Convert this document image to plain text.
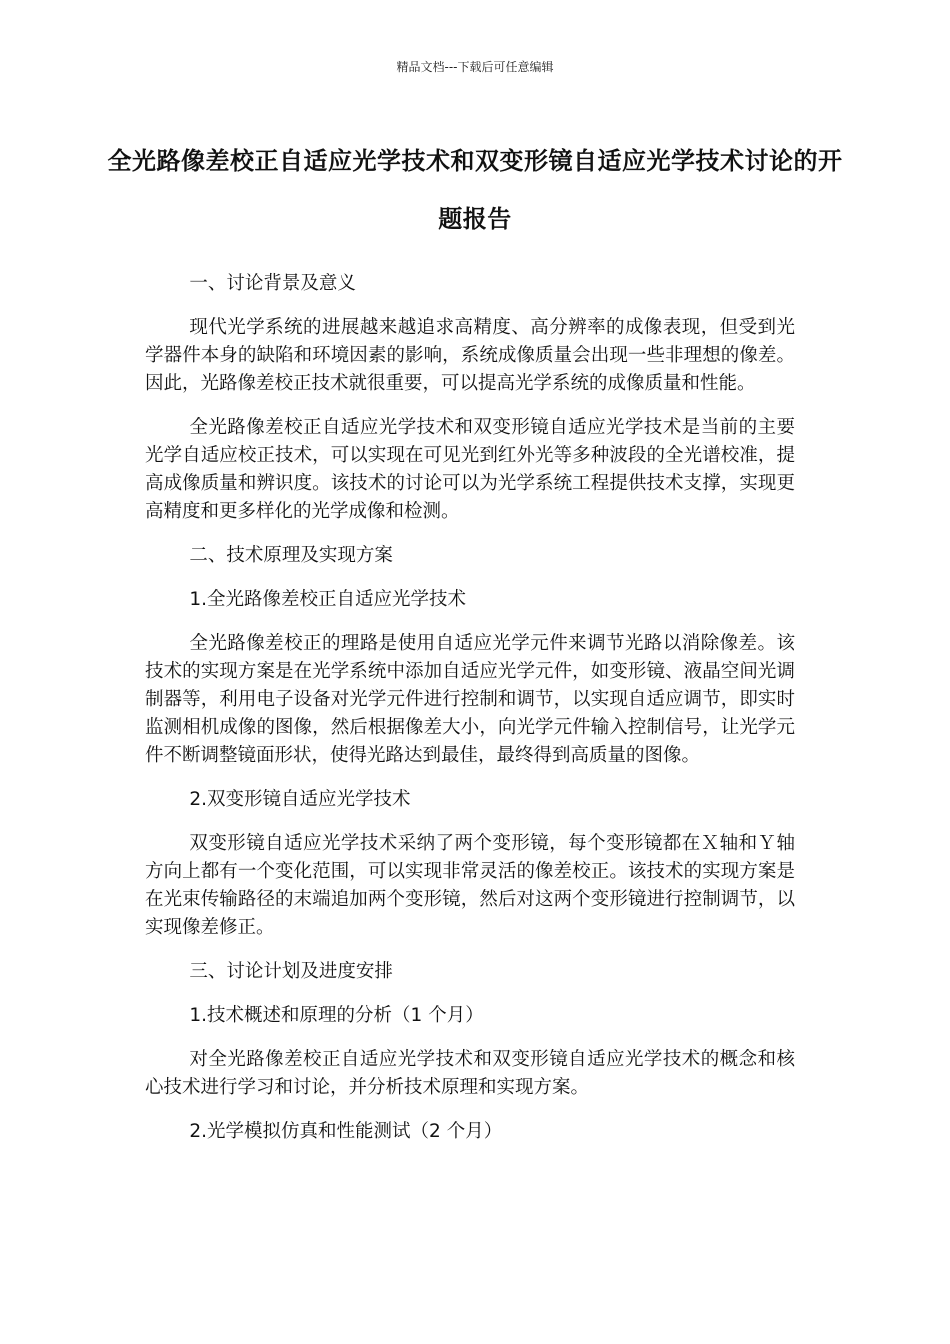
精品文档---下载后可任意编辑
全光路像差校正自适应光学技术和双变形镜自适应光学技术讨论的开题报告

一、讨论背景及意义

现代光学系统的进展越来越追求高精度、高分辨率的成像表现，但受到光学器件本身的缺陷和环境因素的影响，系统成像质量会出现一些非理想的像差。因此，光路像差校正技术就很重要，可以提高光学系统的成像质量和性能。

全光路像差校正自适应光学技术和双变形镜自适应光学技术是当前的主要光学自适应校正技术，可以实现在可见光到红外光等多种波段的全光谱校准，提高成像质量和辨识度。该技术的讨论可以为光学系统工程提供技术支撑，实现更高精度和更多样化的光学成像和检测。

二、技术原理及实现方案

1.全光路像差校正自适应光学技术

全光路像差校正的理路是使用自适应光学元件来调节光路以消除像差。该技术的实现方案是在光学系统中添加自适应光学元件，如变形镜、液晶空间光调制器等，利用电子设备对光学元件进行控制和调节，以实现自适应调节，即实时监测相机成像的图像，然后根据像差大小，向光学元件输入控制信号，让光学元件不断调整镜面形状，使得光路达到最佳，最终得到高质量的图像。

2.双变形镜自适应光学技术

双变形镜自适应光学技术采纳了两个变形镜，每个变形镜都在Ｘ轴和Ｙ轴方向上都有一个变化范围，可以实现非常灵活的像差校正。该技术的实现方案是在光束传输路径的末端追加两个变形镜，然后对这两个变形镜进行控制调节，以实现像差修正。

三、讨论计划及进度安排

1.技术概述和原理的分析（1 个月）

对全光路像差校正自适应光学技术和双变形镜自适应光学技术的概念和核心技术进行学习和讨论，并分析技术原理和实现方案。

2.光学模拟仿真和性能测试（2 个月）
